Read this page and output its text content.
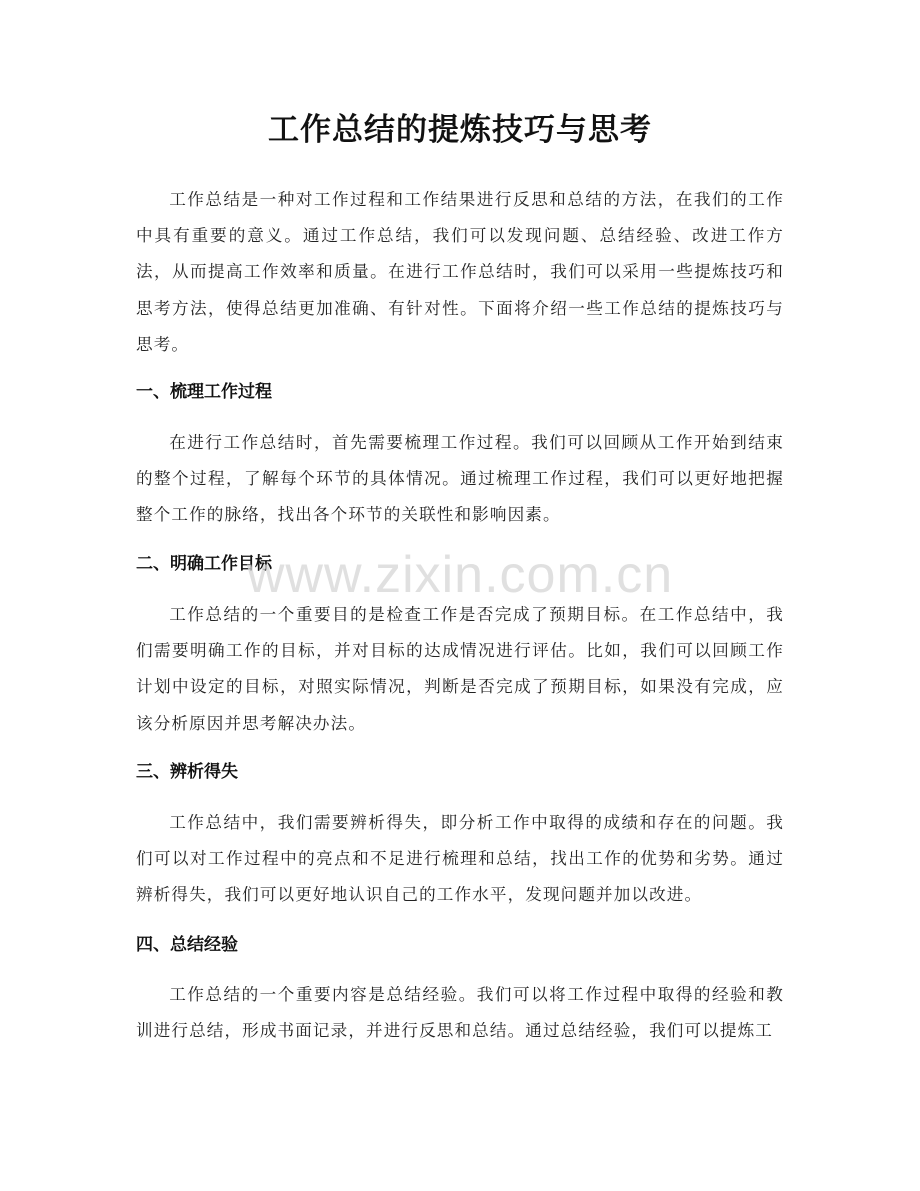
工作总结的提炼技巧与思考

工作总结是一种对工作过程和工作结果进行反思和总结的方法，在我们的工作中具有重要的意义。通过工作总结，我们可以发现问题、总结经验、改进工作方法，从而提高工作效率和质量。在进行工作总结时，我们可以采用一些提炼技巧和思考方法，使得总结更加准确、有针对性。下面将介绍一些工作总结的提炼技巧与思考。

一、梳理工作过程

在进行工作总结时，首先需要梳理工作过程。我们可以回顾从工作开始到结束的整个过程，了解每个环节的具体情况。通过梳理工作过程，我们可以更好地把握整个工作的脉络，找出各个环节的关联性和影响因素。

二、明确工作目标

工作总结的一个重要目的是检查工作是否完成了预期目标。在工作总结中，我们需要明确工作的目标，并对目标的达成情况进行评估。比如，我们可以回顾工作计划中设定的目标，对照实际情况，判断是否完成了预期目标，如果没有完成，应该分析原因并思考解决办法。

三、辨析得失

工作总结中，我们需要辨析得失，即分析工作中取得的成绩和存在的问题。我们可以对工作过程中的亮点和不足进行梳理和总结，找出工作的优势和劣势。通过辨析得失，我们可以更好地认识自己的工作水平，发现问题并加以改进。

四、总结经验

工作总结的一个重要内容是总结经验。我们可以将工作过程中取得的经验和教训进行总结，形成书面记录，并进行反思和总结。通过总结经验，我们可以提炼工

www.zixin.com.cn
